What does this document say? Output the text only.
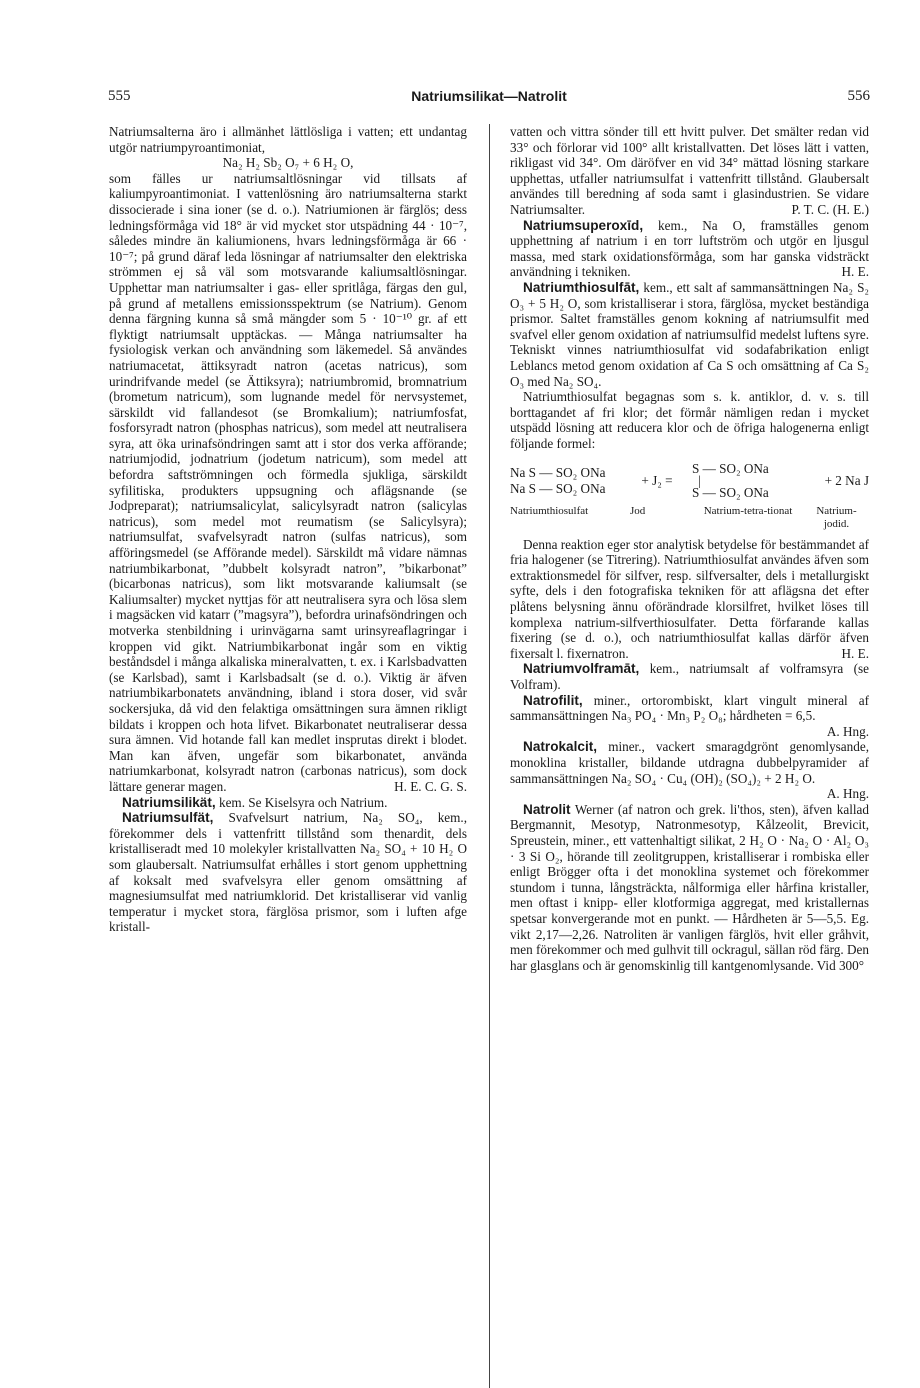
555	Natriumsilikat—Natrolit	556

Natriumsalterna äro i allmänhet lättlösliga i vatten; ett undantag utgör natriumpyroantimoniat,

Na₂ H₂ Sb₂ O₇ + 6 H₂ O,

som fälles ur natriumsaltlösningar vid tillsats af kaliumpyroantimoniat. I vattenlösning äro natriumsalterna starkt dissocierade i sina ioner (se d. o.). Natriumionen är färglös; dess ledningsförmåga vid 18° är vid mycket stor utspädning 44 · 10⁻⁷, således mindre än kaliumionens, hvars ledningsförmåga är 66 · 10⁻⁷; på grund däraf leda lösningar af natriumsalter den elektriska strömmen ej så väl som motsvarande kaliumsaltlösningar. Upphettar man natriumsalter i gas- eller spritlåga, färgas den gul, på grund af metallens emissionsspektrum (se Natrium). Genom denna färgning kunna så små mängder som 5 · 10⁻¹⁰ gr. af ett flyktigt natriumsalt upptäckas. — Många natriumsalter ha fysiologisk verkan och användning som läkemedel. Så användes natriumacetat, ättiksyradt natron (acetas natricus), som urindrifvande medel (se Ättiksyra); natriumbromid, bromnatrium (brometum natricum), som lugnande medel för nervsystemet, särskildt vid fallandesot (se Bromkalium); natriumfosfat, fosforsyradt natron (phosphas natricus), som medel att neutralisera syra, att öka urinafsöndringen samt att i stor dos verka afförande; natriumjodid, jodnatrium (jodetum natricum), som medel att befordra saftströmningen och förmedla sjukliga, särskildt syfilitiska, produkters uppsugning och aflägsnande (se Jodpreparat); natriumsalicylat, salicylsyradt natron (salicylas natricus), som medel mot reumatism (se Salicylsyra); natriumsulfat, svafvelsyradt natron (sulfas natricus), som afföringsmedel (se Afförande medel). Särskildt må vidare nämnas natriumbikarbonat, ”dubbelt kolsyradt natron”, ”bikarbonat” (bicarbonas natricus), som likt motsvarande kaliumsalt (se Kaliumsalter) mycket nyttjas för att neutralisera syra och lösa slem i magsäcken vid katarr (”magsyra”), befordra urinafsöndringen och motverka stenbildning i urinvägarna samt urinsyreaflagringar i kroppen vid gikt. Natriumbikarbonat ingår som en viktig beståndsdel i många alkaliska mineralvatten, t. ex. i Karlsbadvatten (se Karlsbad), samt i Karlsbadsalt (se d. o.). Viktig är äfven natriumbikarbonatets användning, ibland i stora doser, vid svår sockersjuka, då vid den felaktiga omsättningen sura ämnen rikligt bildats i kroppen och hota lifvet. Bikarbonatet neutraliserar dessa sura ämnen. Vid hotande fall kan medlet insprutas direkt i blodet. Man kan äfven, ungefär som bikarbonatet, använda natriumkarbonat, kolsyradt natron (carbonas natricus), som dock lättare generar magen.	H. E. C. G. S.

Natriumsilikät, kem. Se Kiselsyra och Natrium.

Natriumsulfät, Svafvelsurt natrium, Na₂ SO₄, kem., förekommer dels i vattenfritt tillstånd som thenardit, dels kristalliseradt med 10 molekyler kristallvatten Na₂ SO₄ + 10 H₂ O som glaubersalt. Natriumsulfat erhålles i stort genom upphettning af koksalt med svafvelsyra eller genom omsättning af magnesiumsulfat med natriumklorid. Det kristalliserar vid vanlig temperatur i mycket stora, färglösa prismor, som i luften afge kristall-

vatten och vittra sönder till ett hvitt pulver. Det smälter redan vid 33° och förlorar vid 100° allt kristallvatten. Det löses lätt i vatten, rikligast vid 34°. Om däröfver en vid 34° mättad lösning starkare upphettas, utfaller natriumsulfat i vattenfritt tillstånd. Glaubersalt användes till beredning af soda samt i glasindustrien. Se vidare Natriumsalter.	P. T. C. (H. E.)

Natriumsuperoxīd, kem., Na O, framställes genom upphettning af natrium i en torr luftström och utgör en ljusgul massa, med stark oxidationsförmåga, som har ganska vidsträckt användning i tekniken.	H. E.

Natriumthiosulfāt, kem., ett salt af sammansättningen Na₂ S₂ O₃ + 5 H₂ O, som kristalliserar i stora, färglösa, mycket beständiga prismor. Saltet framställes genom kokning af natriumsulfit med svafvel eller genom oxidation af natriumsulfid medelst luftens syre. Tekniskt vinnes natriumthiosulfat vid sodafabrikation enligt Leblancs metod genom oxidation af Ca S och omsättning af Ca S₂ O₃ med Na₂ SO₄.

Natriumthiosulfat begagnas som s. k. antiklor, d. v. s. till borttagandet af fri klor; det förmår nämligen redan i mycket utspädd lösning att reducera klor och de öfriga halogenerna enligt följande formel:

Na S — SO₂ ONa
Na S — SO₂ ONa
+ J₂ =
S — SO₂ ONa
|
S — SO₂ ONa
+ 2 Na J
Natriumthiosulfat	Jod	Natrium-tetra-tionat	Natrium-jodid.

Denna reaktion eger stor analytisk betydelse för bestämmandet af fria halogener (se Titrering). Natriumthiosulfat användes äfven som extraktionsmedel för silfver, resp. silfversalter, dels i metallurgiskt syfte, dels i den fotografiska tekniken för att aflägsna det efter plåtens belysning ännu oförändrade klorsilfret, hvilket löses till komplexa natrium-silfverthiosulfater. Detta förfarande kallas fixering (se d. o.), och natriumthiosulfat kallas därför äfven fixersalt l. fixernatron.	H. E.

Natriumvolframāt, kem., natriumsalt af volframsyra (se Volfram).

Natrofilit, miner., ortorombiskt, klart vingult mineral af sammansättningen Na₃ PO₄ · Mn₃ P₂ O₈; hårdheten = 6,5.
A. Hng.

Natrokalcit, miner., vackert smaragdgrönt genomlysande, monoklina kristaller, bildande utdragna dubbelpyramider af sammansättningen Na₂ SO₄ · Cu₄ (OH)₂ (SO₄)₂ + 2 H₂ O.
A. Hng.

Natrolit Werner (af natron och grek. li'thos, sten), äfven kallad Bergmannit, Mesotyp, Natronmesotyp, Kålzeolit, Brevicit, Spreustein, miner., ett vattenhaltigt silikat, 2 H₂ O · Na₂ O · Al₂ O₃ · 3 Si O₂, hörande till zeolitgruppen, kristalliserar i rombiska eller enligt Brögger ofta i det monoklina systemet och förekommer stundom i tunna, långsträckta, nålformiga eller hårfina kristaller, men oftast i knipp- eller klotformiga aggregat, med kristallernas spetsar konvergerande mot en punkt. — Hårdheten är 5—5,5. Eg. vikt 2,17—2,26. Natroliten är vanligen färglös, hvit eller gråhvit, men förekommer och med gulhvit till ockragul, sällan röd färg. Den har glasglans och är genomskinlig till kantgenomlysande. Vid 300°
